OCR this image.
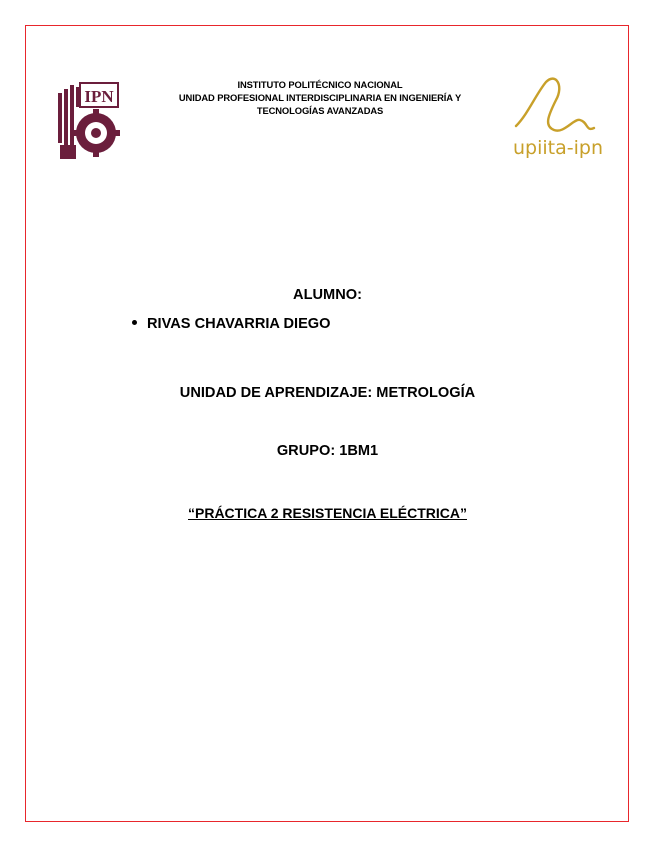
IPN
INSTITUTO POLITÉCNICO NACIONAL
UNIDAD PROFESIONAL INTERDISCIPLINARIA EN INGENIERÍA Y
TECNOLOGÍAS AVANZADAS
upiita-ipn
ALUMNO:
RIVAS CHAVARRIA DIEGO
UNIDAD DE APRENDIZAJE: METROLOGÍA
GRUPO: 1BM1
“PRÁCTICA 2 RESISTENCIA ELÉCTRICA”
